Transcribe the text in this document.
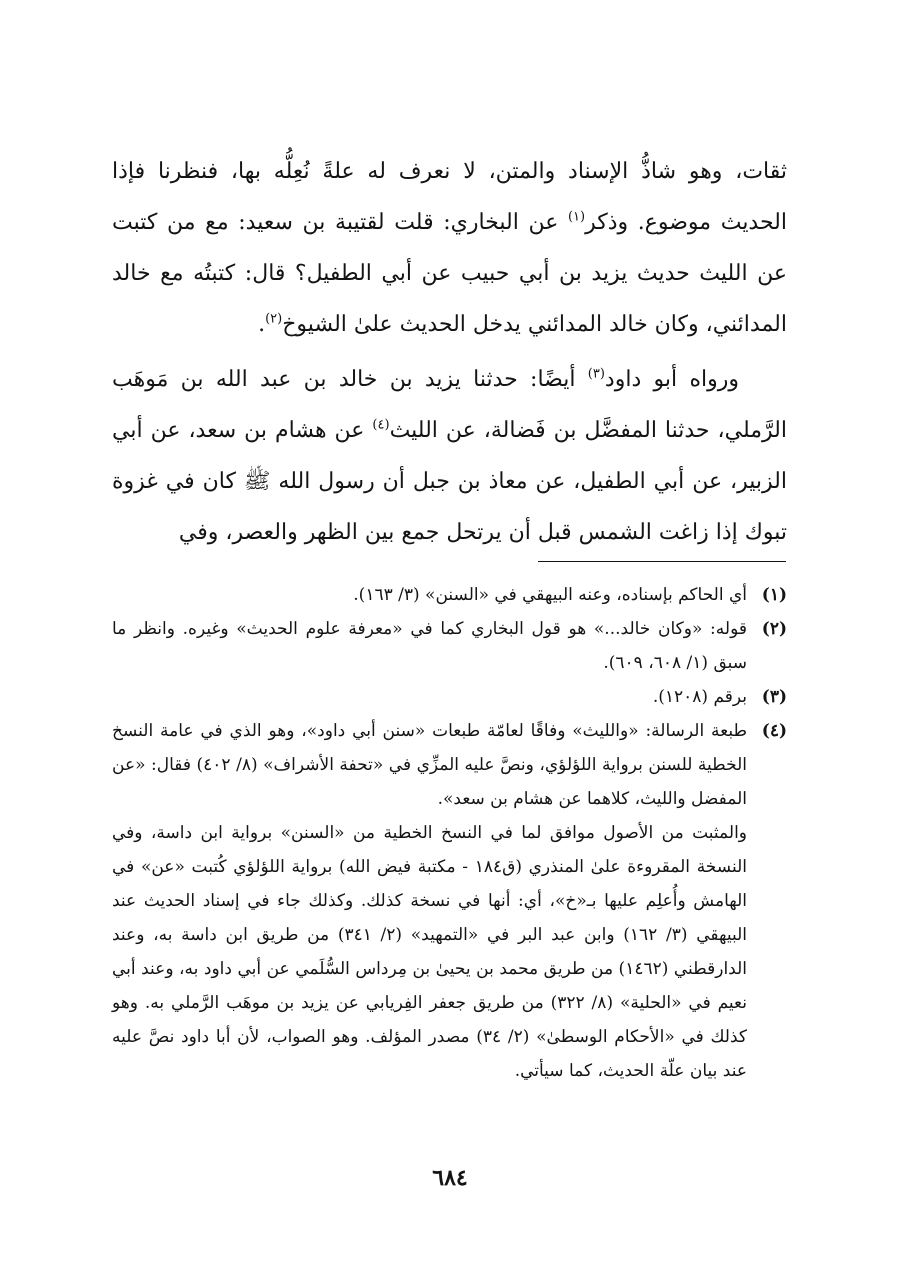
ثقات، وهو شاذُّ الإسناد والمتن، لا نعرف له علةً نُعِلُّه بها، فنظرنا فإذا الحديث موضوع. وذكر$^{(١)}$ عن البخاري: قلت لقتيبة بن سعيد: مع من كتبت عن الليث حديث يزيد بن أبي حبيب عن أبي الطفيل؟ قال: كتبتُه مع خالد المدائني، وكان خالد المدائني يدخل الحديث علىٰ الشيوخ$^{(٢)}$.

ورواه أبو داود$^{(٣)}$ أيضًا: حدثنا يزيد بن خالد بن عبد الله بن مَوهَب الرَّملي، حدثنا المفضَّل بن فَضالة، عن الليث$^{(٤)}$ عن هشام بن سعد، عن أبي الزبير، عن أبي الطفيل، عن معاذ بن جبل أن رسول الله ﷺ كان في غزوة تبوك إذا زاغت الشمس قبل أن يرتحل جمع بين الظهر والعصر، وفي

(١)
أي الحاكم بإسناده، وعنه البيهقي في «السنن» (٣/ ١٦٣).
(٢)
قوله: «وكان خالد...» هو قول البخاري كما في «معرفة علوم الحديث» وغيره. وانظر ما سبق (١/ ٦٠٨، ٦٠٩).
(٣)
برقم (١٢٠٨).
(٤)
طبعة الرسالة: «والليث» وفاقًا لعامّة طبعات «سنن أبي داود»، وهو الذي في عامة النسخ الخطية للسنن برواية اللؤلؤي، ونصَّ عليه المزِّي في «تحفة الأشراف» (٨/ ٤٠٢) فقال: «عن المفضل والليث، كلاهما عن هشام بن سعد».
والمثبت من الأصول موافق لما في النسخ الخطية من «السنن» برواية ابن داسة، وفي النسخة المقروءة علىٰ المنذري (ق١٨٤ - مكتبة فيض الله) برواية اللؤلؤي كُتبت «عن» في الهامش وأُعلِم عليها بـ«خ»، أي: أنها في نسخة كذلك. وكذلك جاء في إسناد الحديث عند البيهقي (٣/ ١٦٢) وابن عبد البر في «التمهيد» (٢/ ٣٤١) من طريق ابن داسة به، وعند الدارقطني (١٤٦٢) من طريق محمد بن يحيىٰ بن مِرداس السُّلَمي عن أبي داود به، وعند أبي نعيم في «الحلية» (٨/ ٣٢٢) من طريق جعفر الفِريابي عن يزيد بن موهَب الرَّملي به. وهو كذلك في «الأحكام الوسطىٰ» (٢/ ٣٤) مصدر المؤلف. وهو الصواب، لأن أبا داود نصَّ عليه عند بيان علّة الحديث، كما سيأتي.
٦٨٤
